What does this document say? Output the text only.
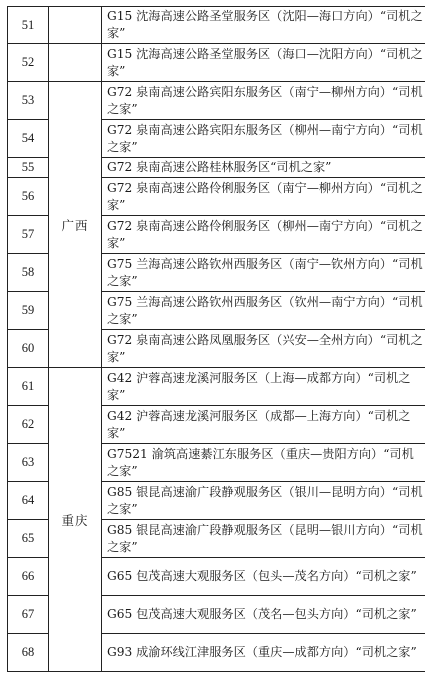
51		G15 沈海高速公路圣堂服务区（沈阳—海口方向）“司机之家”
52		G15 沈海高速公路圣堂服务区（海口—沈阳方向）“司机之家”
53	广西	G72 泉南高速公路宾阳东服务区（南宁—柳州方向）“司机之家”
54		G72 泉南高速公路宾阳东服务区（柳州—南宁方向）“司机之家”
55		G72 泉南高速公路桂林服务区“司机之家”
56		G72 泉南高速公路伶俐服务区（南宁—柳州方向）“司机之家”
57		G72 泉南高速公路伶俐服务区（柳州—南宁方向）“司机之家”
58		G75 兰海高速公路钦州西服务区（南宁—钦州方向）“司机之家”
59		G75 兰海高速公路钦州西服务区（钦州—南宁方向）“司机之家”
60		G72 泉南高速公路凤凰服务区（兴安—全州方向）“司机之家”
61	重庆	G42 沪蓉高速龙溪河服务区（上海—成都方向）“司机之家”
62		G42 沪蓉高速龙溪河服务区（成都—上海方向）“司机之家”
63		G7521 渝筑高速綦江东服务区（重庆—贵阳方向）“司机之家”
64		G85 银昆高速渝广段静观服务区（银川—昆明方向）“司机之家”
65		G85 银昆高速渝广段静观服务区（昆明—银川方向）“司机之家”
66		G65 包茂高速大观服务区（包头—茂名方向）“司机之家”
67		G65 包茂高速大观服务区（茂名—包头方向）“司机之家”
68		G93 成渝环线江津服务区（重庆—成都方向）“司机之家”
